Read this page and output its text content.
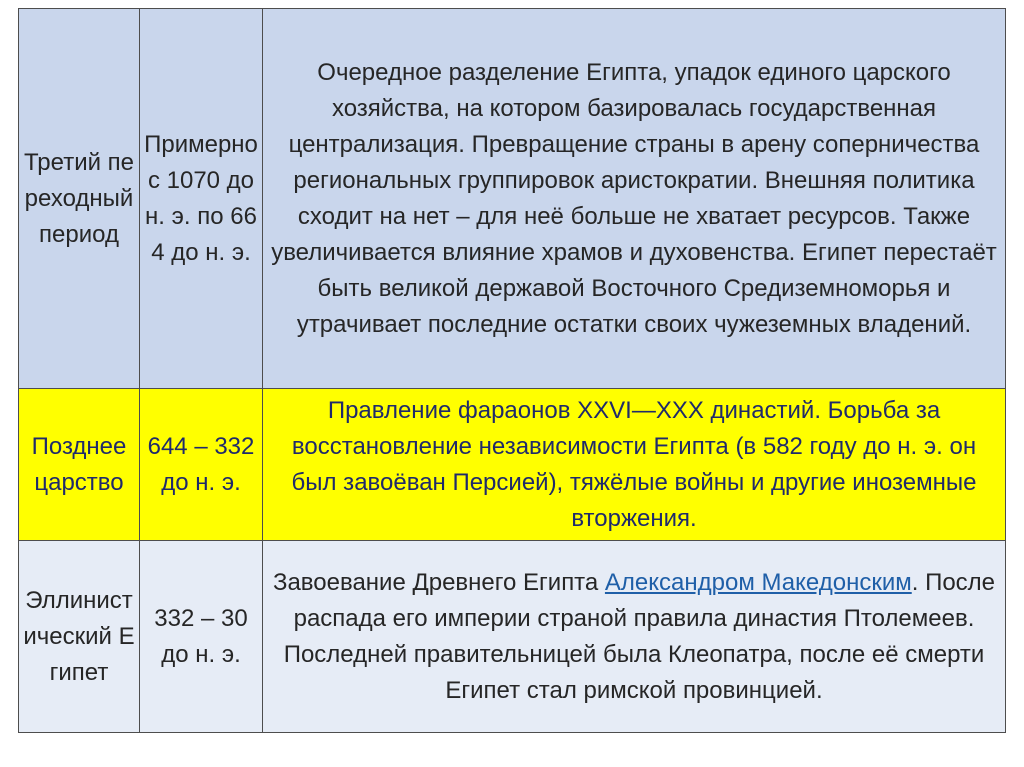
Третий переходный период	Примерно с 1070 до н. э. по 664 до н. э.	Очередное разделение Египта, упадок единого царского хозяйства, на котором базировалась государственная централизация. Превращение страны в арену соперничества региональных группировок аристократии. Внешняя политика сходит на нет – для неё больше не хватает ресурсов. Также увеличивается влияние храмов и духовенства. Египет перестаёт быть великой державой Восточного Средиземноморья и утрачивает последние остатки своих чужеземных владений.
Позднее царство	644 – 332 до н. э.	Правление фараонов XXVI—XXX династий. Борьба за восстановление независимости Египта (в 582 году до н. э. он был завоёван Персией), тяжёлые войны и другие иноземные вторжения.
Эллинистический Египет	332 – 30 до н. э.	Завоевание Древнего Египта Александром Македонским. После распада его империи страной правила династия Птолемеев. Последней правительницей была Клеопатра, после её смерти Египет стал римской провинцией.
